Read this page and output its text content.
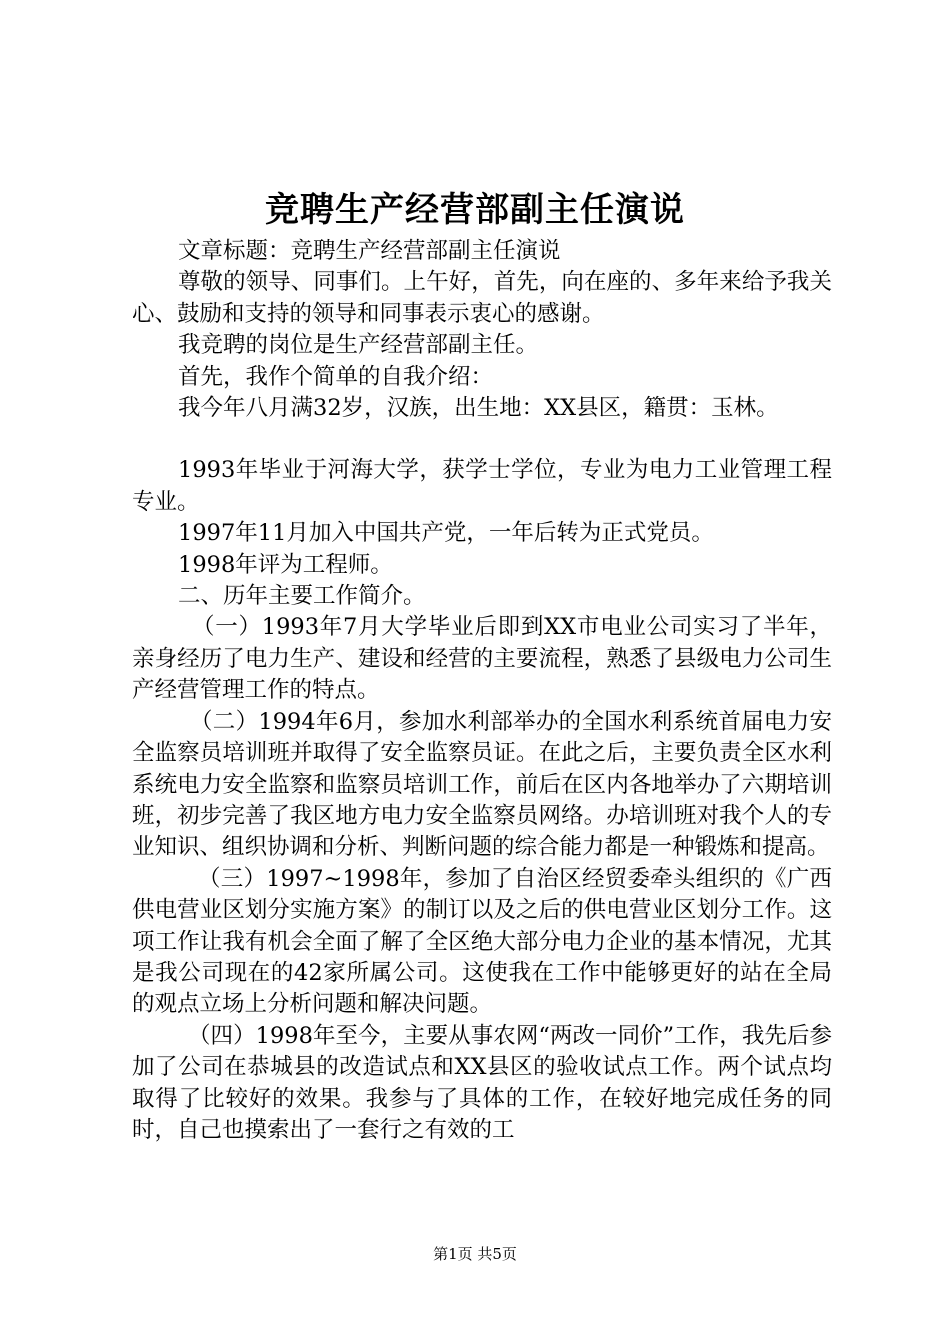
竞聘生产经营部副主任演说

文章标题：竞聘生产经营部副主任演说

尊敬的领导、同事们。上午好，首先，向在座的、多年来给予我关心、鼓励和支持的领导和同事表示衷心的感谢。

我竞聘的岗位是生产经营部副主任。

首先，我作个简单的自我介绍：

我今年八月满32岁，汉族，出生地：XX县区，籍贯：玉林。

1993年毕业于河海大学，获学士学位，专业为电力工业管理工程专业。

1997年11月加入中国共产党，一年后转为正式党员。

1998年评为工程师。

二、历年主要工作简介。

（一）1993年7月大学毕业后即到XX市电业公司实习了半年，亲身经历了电力生产、建设和经营的主要流程，熟悉了县级电力公司生产经营管理工作的特点。

（二）1994年6月，参加水利部举办的全国水利系统首届电力安全监察员培训班并取得了安全监察员证。在此之后，主要负责全区水利系统电力安全监察和监察员培训工作，前后在区内各地举办了六期培训班，初步完善了我区地方电力安全监察员网络。办培训班对我个人的专业知识、组织协调和分析、判断问题的综合能力都是一种锻炼和提高。

（三）1997~1998年，参加了自治区经贸委牵头组织的《广西供电营业区划分实施方案》的制订以及之后的供电营业区划分工作。这项工作让我有机会全面了解了全区绝大部分电力企业的基本情况，尤其是我公司现在的42家所属公司。这使我在工作中能够更好的站在全局的观点立场上分析问题和解决问题。

（四）1998年至今，主要从事农网“两改一同价”工作，我先后参加了公司在恭城县的改造试点和XX县区的验收试点工作。两个试点均取得了比较好的效果。我参与了具体的工作，在较好地完成任务的同时，自己也摸索出了一套行之有效的工

第1页 共5页
